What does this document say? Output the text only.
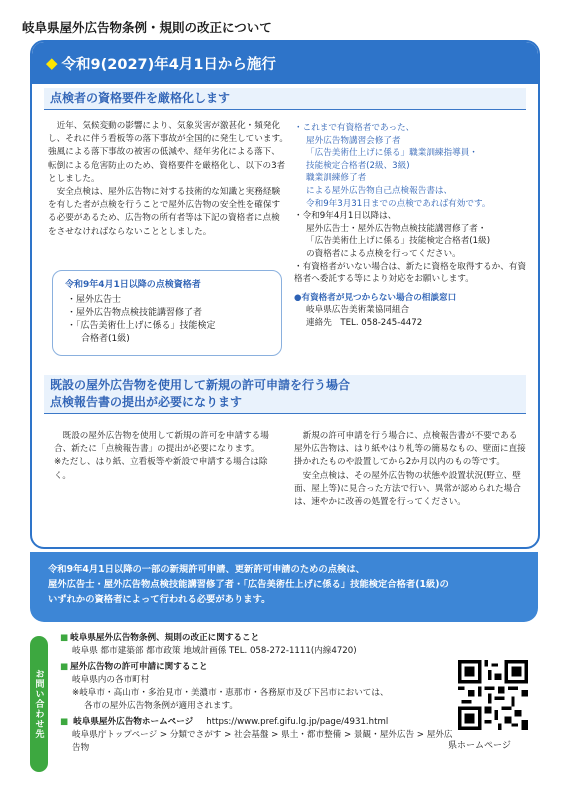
岐阜県屋外広告物条例・規則の改正について
◆ 令和9(2027)年4月1日から施行
点検者の資格要件を厳格化します
　近年、気候変動の影響により、気象災害が激甚化・頻発化し、それに伴う看板等の落下事故が全国的に発生しています。強風による落下事故の被害の低減や、経年劣化による落下、転倒による危害防止のため、資格要件を厳格化し、以下の3者としました。
　安全点検は、屋外広告物に対する技術的な知識と実務経験を有した者が点検を行うことで屋外広告物の安全性を確保する必要があるため、広告物の所有者等は下記の資格者に点検をさせなければならないこととしました。
令和9年4月1日以降の点検資格者
・ 屋外広告士
・ 屋外広告物点検技能講習修了者
・ 「広告美術仕上げに係る」技能検定
合格者(1級)
・これまで有資格者であった、
屋外広告物講習会修了者
「広告美術仕上げに係る」職業訓練指導員・
技能検定合格者(2級、3級)
職業訓練修了者
による屋外広告物自己点検報告書は、
令和9年3月31日までの点検であれば有効です。
・令和9年4月1日以降は、
屋外広告士・屋外広告物点検技能講習修了者・
「広告美術仕上げに係る」技能検定合格者(1級)
の資格者による点検を行ってください。
・有資格者がいない場合は、新たに資格を取得するか、有資格者へ委託する等により対応をお願いします。
●有資格者が見つからない場合の相談窓口
岐阜県広告美術業協同組合
連絡先　TEL. 058-245-4472
既設の屋外広告物を使用して新規の許可申請を行う場合
点検報告書の提出が必要になります
　既設の屋外広告物を使用して新規の許可を申請する場合、新たに「点検報告書」の提出が必要になります。
※ただし、はり紙、立看板等や新設で申請する場合は除く。
　新規の許可申請を行う場合に、点検報告書が不要である屋外広告物は、はり紙やはり札等の簡易なもの、壁面に直接掛かれたものや設置してから2か月以内のもの等です。
　安全点検は、その屋外広告物の状態や設置状況(野立、壁面、屋上等)に見合った方法で行い、異常が認められた場合は、速やかに改善の処置を行ってください。
令和9年4月1日以降の一部の新規許可申請、更新許可申請のための点検は、
屋外広告士・屋外広告物点検技能講習修了者・「広告美術仕上げに係る」技能検定合格者(1級)の
いずれかの資格者によって行われる必要があります。
お問い合わせ先
■ 岐阜県屋外広告物条例、規則の改正に関すること
岐阜県 都市建築部 都市政策 地域計画係 TEL. 058-272-1111(内線4720)
■ 屋外広告物の許可申請に関すること
岐阜県内の各市町村
※岐阜市・高山市・多治見市・美濃市・恵那市・各務原市及び下呂市においては、
各市の屋外広告物条例が適用されます。
■ 岐阜県屋外広告物ホームページ https://www.pref.gifu.lg.jp/page/4931.html
岐阜県庁トップページ > 分類でさがす > 社会基盤 > 県土・都市整備 > 景観・屋外広告 > 屋外広告物	県ホームページ
